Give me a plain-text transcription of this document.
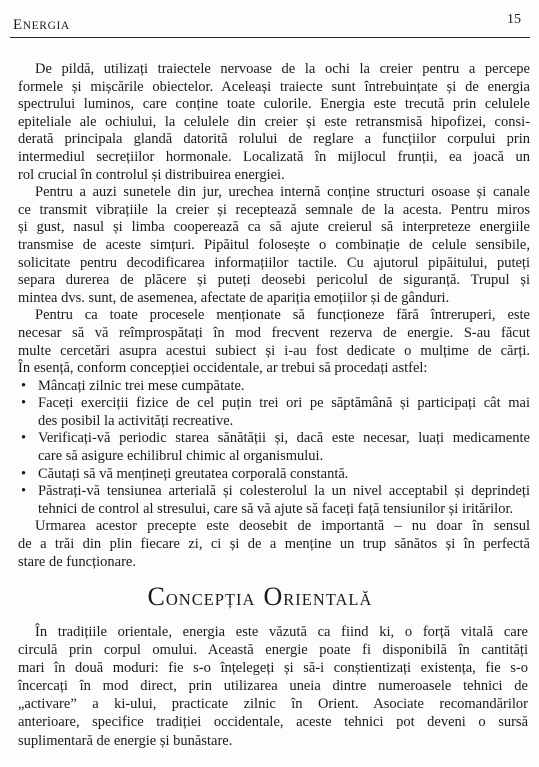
ENERGIA	15
De pildă, utilizați traiectele nervoase de la ochi la creier pentru a percepe
formele și mișcările obiectelor. Aceleași traiecte sunt întrebuințate și de energia
spectrului luminos, care conține toate culorile. Energia este trecută prin celulele
epiteliale ale ochiului, la celulele din creier și este retransmisă hipofizei, consi-
derată principala glandă datorită rolului de reglare a funcțiilor corpului prin
intermediul secrețiilor hormonale. Localizată în mijlocul frunții, ea joacă un
rol crucial în controlul și distribuirea energiei.
Pentru a auzi sunetele din jur, urechea internă conține structuri osoase și canale
ce transmit vibrațiile la creier și receptează semnale de la acesta. Pentru miros
și gust, nasul și limba cooperează ca să ajute creierul să interpreteze energiile
transmise de aceste simțuri. Pipăitul folosește o combinație de celule sensibile,
solicitate pentru decodificarea informațiilor tactile. Cu ajutorul pipăitului, puteți
separa durerea de plăcere și puteți deosebi pericolul de siguranță. Trupul și
mintea dvs. sunt, de asemenea, afectate de apariția emoțiilor și de gânduri.
Pentru ca toate procesele menționate să funcționeze fără întreruperi, este
necesar să vă reîmprospătați în mod frecvent rezerva de energie. S-au făcut
multe cercetări asupra acestui subiect și i-au fost dedicate o mulțime de cărți.
În esență, conform concepției occidentale, ar trebui să procedați astfel:
• Mâncați zilnic trei mese cumpătate.
• Faceți exerciții fizice de cel puțin trei ori pe săptămână și participați cât mai
des posibil la activități recreative.
• Verificați-vă periodic starea sănătății și, dacă este necesar, luați medicamente
care să asigure echilibrul chimic al organismului.
• Căutați să vă mențineți greutatea corporală constantă.
• Păstrați-vă tensiunea arterială și colesterolul la un nivel acceptabil și deprindeți
tehnici de control al stresului, care să vă ajute să faceți față tensiunilor și iritărilor.
Urmarea acestor precepte este deosebit de importantă – nu doar în sensul
de a trăi din plin fiecare zi, ci și de a menține un trup sănătos și în perfectă
stare de funcționare.
CONCEPȚIA ORIENTALĂ
În tradițiile orientale, energia este văzută ca fiind ki, o forță vitală care
circulă prin corpul omului. Această energie poate fi disponibilă în cantități
mari în două moduri: fie s-o înțelegeți și să-i conștientizați existența, fie s-o
încercați în mod direct, prin utilizarea uneia dintre numeroasele tehnici de
„activare” a ki-ului, practicate zilnic în Orient. Asociate recomandărilor
anterioare, specifice tradiției occidentale, aceste tehnici pot deveni o sursă
suplimentară de energie și bunăstare.
